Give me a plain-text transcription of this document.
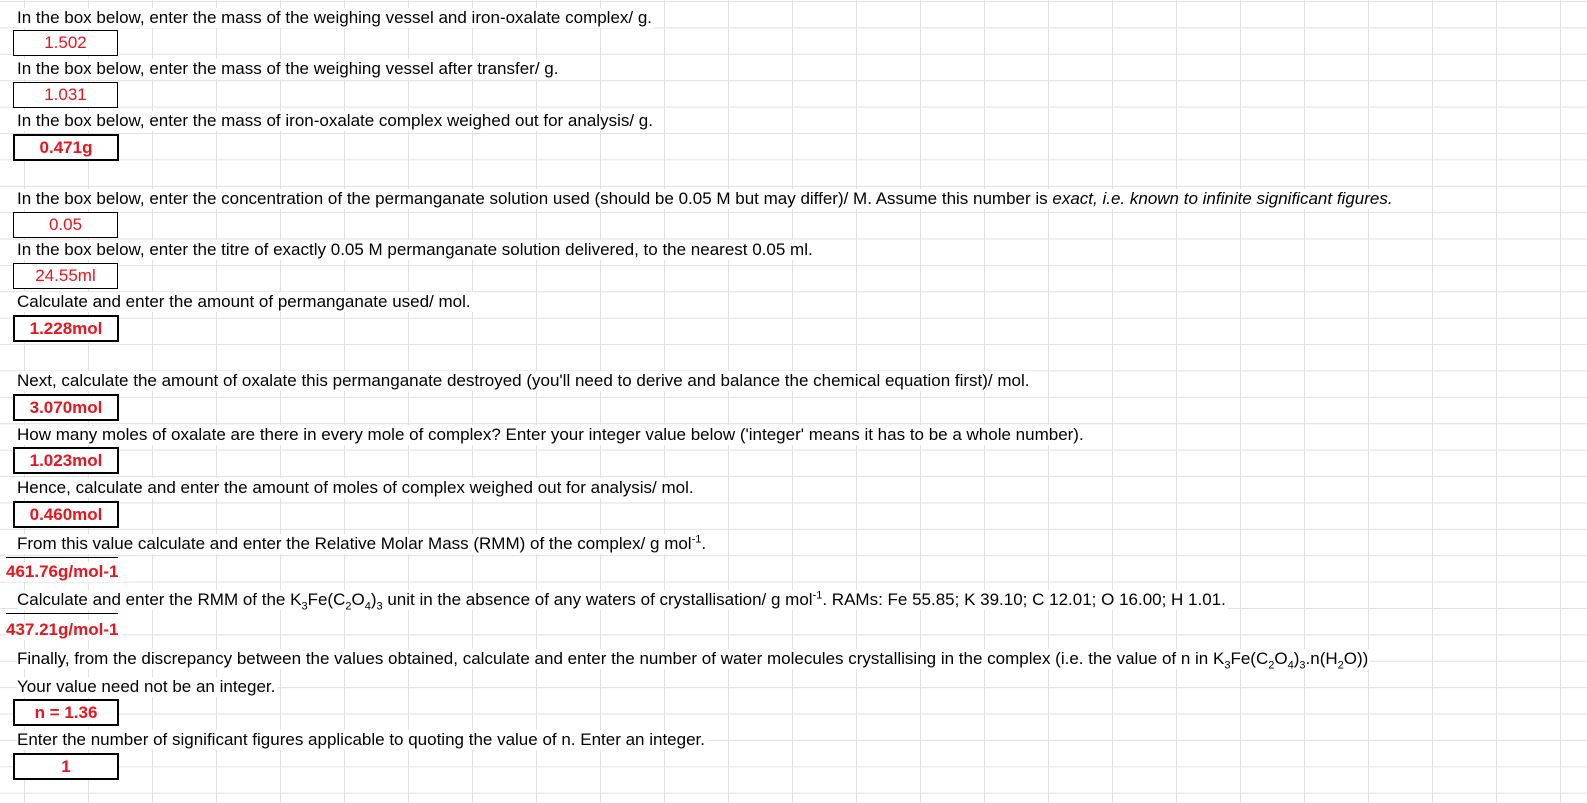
In the box below, enter the mass of the weighing vessel and iron-oxalate complex/ g.
1.502
In the box below, enter the mass of the weighing vessel after transfer/ g.
1.031
In the box below, enter the mass of iron-oxalate complex weighed out for analysis/ g.
0.471g
In the box below, enter the concentration of the permanganate solution used (should be 0.05 M but may differ)/ M. Assume this number is exact, i.e. known to infinite significant figures.
0.05
In the box below, enter the titre of exactly 0.05 M permanganate solution delivered, to the nearest 0.05 ml.
24.55ml
Calculate and enter the amount of permanganate used/ mol.
1.228mol
Next, calculate the amount of oxalate this permanganate destroyed (you'll need to derive and balance the chemical equation first)/ mol.
3.070mol
How many moles of oxalate are there in every mole of complex? Enter your integer value below ('integer' means it has to be a whole number).
1.023mol
Hence, calculate and enter the amount of moles of complex weighed out for analysis/ mol.
0.460mol
From this value calculate and enter the Relative Molar Mass (RMM) of the complex/ g mol$^{-1}$.
461.76g/mol-1
Calculate and enter the RMM of the $K_3Fe(C_2O_4)_3$ unit in the absence of any waters of crystallisation/ g mol$^{-1}$. RAMs: Fe 55.85; K 39.10; C 12.01; O 16.00; H 1.01.
437.21g/mol-1
Finally, from the discrepancy between the values obtained, calculate and enter the number of water molecules crystallising in the complex (i.e. the value of n in $K_3Fe(C_2O_4)_3.n(H_2O)$)
Your value need not be an integer.
n = 1.36
Enter the number of significant figures applicable to quoting the value of n. Enter an integer.
1
